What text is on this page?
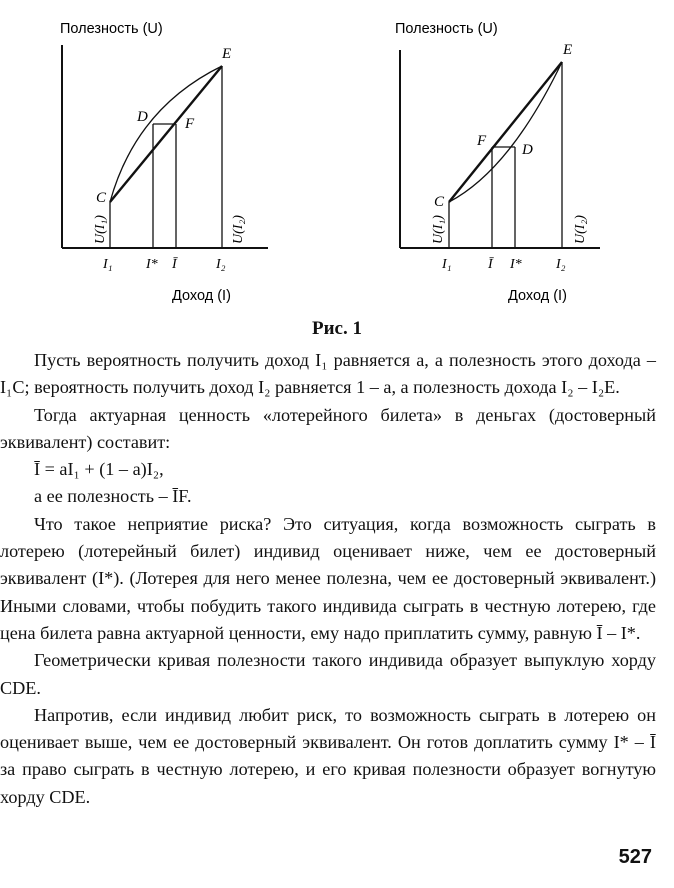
Полезность (U)
C
D F
E
U(I₁)	U(I₂)
I₁ I* Ī	I₂
Доход (I)
Полезность (U)
C
F
D
E
U(I₁)	U(I₂)
I₁	Ī I* I₂
Доход (I)
Рис. 1

Пусть вероятность получить доход I₁ равняется a, а полезность этого дохода – I₁C; вероятность получить доход I₂ равняется 1 – a, а полезность дохода I₂ – I₂E.

Тогда актуарная ценность «лотерейного билета» в деньгах (достоверный эквивалент) составит:

Ī = aI₁ + (1 – a)I₂,

а ее полезность – ĪF.

Что такое неприятие риска? Это ситуация, когда возможность сыграть в лотерею (лотерейный билет) индивид оценивает ниже, чем ее достоверный эквивалент (I*). (Лотерея для него менее полезна, чем ее достоверный эквивалент.) Иными словами, чтобы побудить такого индивида сыграть в честную лотерею, где цена билета равна актуарной ценности, ему надо приплатить сумму, равную Ī – I*.

Геометрически кривая полезности такого индивида образует выпуклую хорду CDE.

Напротив, если индивид любит риск, то возможность сыграть в лотерею он оценивает выше, чем ее достоверный эквивалент. Он готов доплатить сумму I* – Ī за право сыграть в честную лотерею, и его кривая полезности образует вогнутую хорду CDE.

527
